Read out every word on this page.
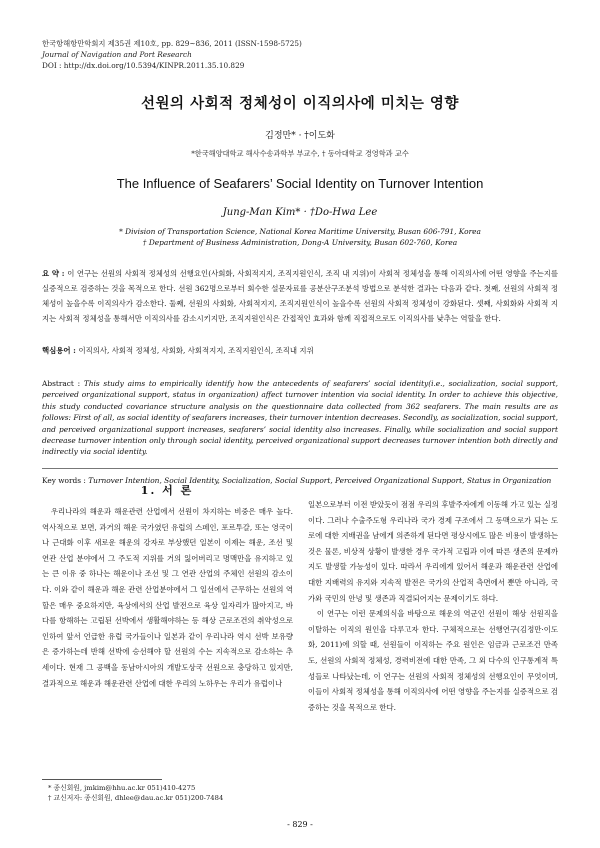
한국항해항만학회지 제35권 제10호, pp. 829~836, 2011 (ISSN-1598-5725)
Journal of Navigation and Port Research
DOI : http://dx.doi.org/10.5394/KINPR.2011.35.10.829
선원의 사회적 정체성이 이직의사에 미치는 영향
김정만* · †이도화
*한국해양대학교 해사수송과학부 부교수, † 동아대학교 경영학과 교수
The Influence of Seafarers’ Social Identity on Turnover Intention
Jung-Man Kim* · †Do-Hwa Lee
* Division of Transportation Science, National Korea Maritime University, Busan 606-791, Korea
† Department of Business Administration, Dong-A University, Busan 602-760, Korea
요 약 : 이 연구는 선원의 사회적 정체성의 선행요인(사회화, 사회적지지, 조직지원인식, 조직 내 지위)이 사회적 정체성을 통해 이직의사에 어떤 영향을 주는지를 실증적으로 검증하는 것을 목적으로 한다. 선원 362명으로부터 회수한 설문자료를 공분산구조분석 방법으로 분석한 결과는 다음과 같다. 첫째, 선원의 사회적 정체성이 높을수록 이직의사가 감소한다. 둘째, 선원의 사회화, 사회적지지, 조직지원인식이 높을수록 선원의 사회적 정체성이 강화된다. 셋째, 사회화와 사회적 지지는 사회적 정체성을 통해서만 이직의사를 감소시키지만, 조직지원인식은 간접적인 효과와 함께 직접적으로도 이직의사를 낮추는 역할을 한다.
핵심용어 : 이직의사, 사회적 정체성, 사회화, 사회적지지, 조직지원인식, 조직내 지위
Abstract : This study aims to empirically identify how the antecedents of seafarers’ social identity(i.e., socialization, social support, perceived organizational support, status in organization) affect turnover intention via social identity. In order to achieve this objective, this study conducted covariance structure analysis on the questionnaire data collected from 362 seafarers. The main results are as follows: First of all, as social identity of seafarers increases, their turnover intention decreases. Secondly, as socialization, social support, and perceived organizational support increases, seafarers’ social identity also increases. Finally, while socialization and social support decrease turnover intention only through social identity, perceived organizational support decreases turnover intention both directly and indirectly via social identity.
Key words : Turnover Intention, Social Identity, Socialization, Social Support, Perceived Organizational Support, Status in Organization
1. 서 론

우리나라의 해운과 해운관련 산업에서 선원이 차지하는 비중은 매우 높다. 역사적으로 보면, 과거의 해운 국가였던 유럽의 스페인, 포르투갈, 또는 영국이나 근대화 이후 새로운 해운의 강자로 부상했던 일본이 이제는 해운, 조선 및 연관 산업 분야에서 그 주도적 지위를 거의 잃어버리고 명맥만을 유지하고 있는 큰 이유 중 하나는 해운이나 조선 및 그 연관 산업의 주체인 선원의 감소이다. 이와 같이 해운과 해운 관련 산업분야에서 그 일선에서 근무하는 선원의 역할은 매우 중요하지만, 육상에서의 산업 발전으로 육상 일자리가 많아지고, 바다를 항해하는 고립된 선박에서 생활해야하는 등 해상 근로조건의 취약성으로 인하여 앞서 언급한 유럽 국가들이나 일본과 같이 우리나라 역시 선박 보유량은 증가하는데 반해 선박에 승선해야 할 선원의 수는 지속적으로 감소하는 추세이다. 현재 그 공백을 동남아시아의 개발도상국 선원으로 충당하고 있지만, 결과적으로 해운과 해운관련 산업에 대한 우리의 노하우는 우리가 유럽이나

일본으로부터 이전 받았듯이 점점 우리의 후발주자에게 이동해 가고 있는 실정이다. 그러나 수출주도형 우리나라 국가 경제 구조에서 그 동맥으로가 되는 도로에 대한 지배권을 남에게 의존하게 된다면 평상시에도 많은 비용이 발생하는 것은 물론, 비상적 상황이 발생한 경우 국가적 고립과 이에 따른 생존의 문제까지도 발생할 가능성이 있다. 따라서 우리에게 있어서 해운과 해운관련 산업에 대한 지배력의 유지와 지속적 발전은 국가의 산업적 측면에서 뿐만 아니라, 국가와 국민의 안녕 및 생존과 직결되어지는 문제이기도 하다.

이 연구는 이런 문제의식을 바탕으로 해운의 역군인 선원이 해상 선원직을 이탈하는 이직의 원인을 다루고자 한다. 구체적으로는 선행연구(김정만·이도화, 2011)에 의할 때, 선원들이 이직하는 주요 원인은 임금과 근로조건 만족도, 선원의 사회적 정체성, 경력비전에 대한 만족, 그 외 다수의 인구통계적 특성들로 나타났는데, 이 연구는 선원의 사회적 정체성의 선행요인이 무엇이며, 이들이 사회적 정체성을 통해 이직의사에 어떤 영향을 주는지를 실증적으로 검증하는 것을 목적으로 한다.

* 종신회원, jmkim@hhu.ac.kr 051)410-4275
† 교신저자: 종신회원, dhlee@dau.ac.kr 051)200-7484
- 829 -
